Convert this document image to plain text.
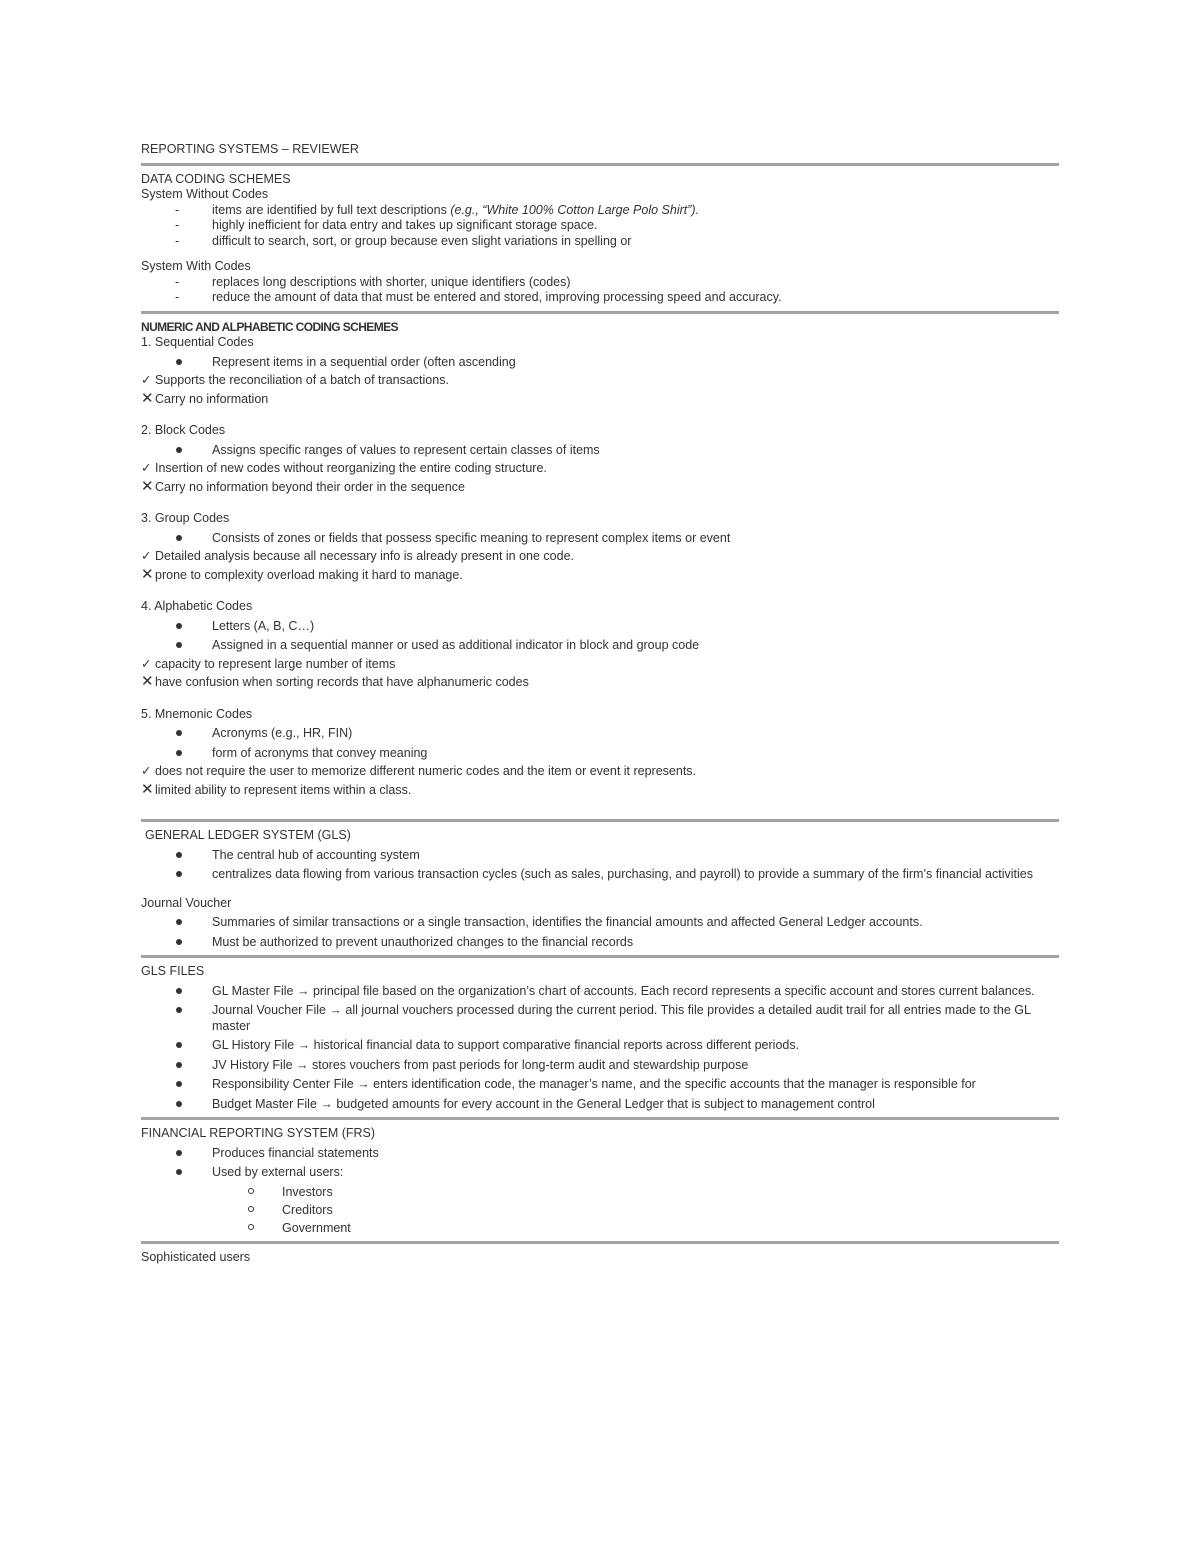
REPORTING SYSTEMS – REVIEWER

DATA CODING SCHEMES

System Without Codes

-	items are identified by full text descriptions (e.g., “White 100% Cotton Large Polo Shirt”).
-	highly inefficient for data entry and takes up significant storage space.
-	difficult to search, sort, or group because even slight variations in spelling or

System With Codes

-	replaces long descriptions with shorter, unique identifiers (codes)
-	reduce the amount of data that must be entered and stored, improving processing speed and accuracy.

NUMERIC AND ALPHABETIC CODING SCHEMES

1. Sequential Codes

Represent items in a sequential order (often ascending

✓ Supports the reconciliation of a batch of transactions.

✕Carry no information

2. Block Codes

Assigns specific ranges of values to represent certain classes of items

✓ Insertion of new codes without reorganizing the entire coding structure.

✕Carry no information beyond their order in the sequence

3. Group Codes

Consists of zones or fields that possess specific meaning to represent complex items or event

✓ Detailed analysis because all necessary info is already present in one code.

✕prone to complexity overload making it hard to manage.

4. Alphabetic Codes

Letters (A, B, C…)
Assigned in a sequential manner or used as additional indicator in block and group code

✓ capacity to represent large number of items

✕have confusion when sorting records that have alphanumeric codes

5. Mnemonic Codes

Acronyms (e.g., HR, FIN)
form of acronyms that convey meaning

✓ does not require the user to memorize different numeric codes and the item or event it represents.

✕limited ability to represent items within a class.

GENERAL LEDGER SYSTEM (GLS)

The central hub of accounting system
centralizes data flowing from various transaction cycles (such as sales, purchasing, and payroll) to provide a summary of the firm’s financial activities

Journal Voucher

Summaries of similar transactions or a single transaction, identifies the financial amounts and affected General Ledger accounts.
Must be authorized to prevent unauthorized changes to the financial records

GLS FILES

GL Master File → principal file based on the organization’s chart of accounts. Each record represents a specific account and stores current balances.
Journal Voucher File → all journal vouchers processed during the current period. This file provides a detailed audit trail for all entries made to the GL master
GL History File → historical financial data to support comparative financial reports across different periods.
JV History File → stores vouchers from past periods for long-term audit and stewardship purpose
Responsibility Center File → enters identification code, the manager’s name, and the specific accounts that the manager is responsible for
Budget Master File → budgeted amounts for every account in the General Ledger that is subject to management control

FINANCIAL REPORTING SYSTEM (FRS)

Produces financial statements
Used by external users:
Investors
Creditors
Government

Sophisticated users
